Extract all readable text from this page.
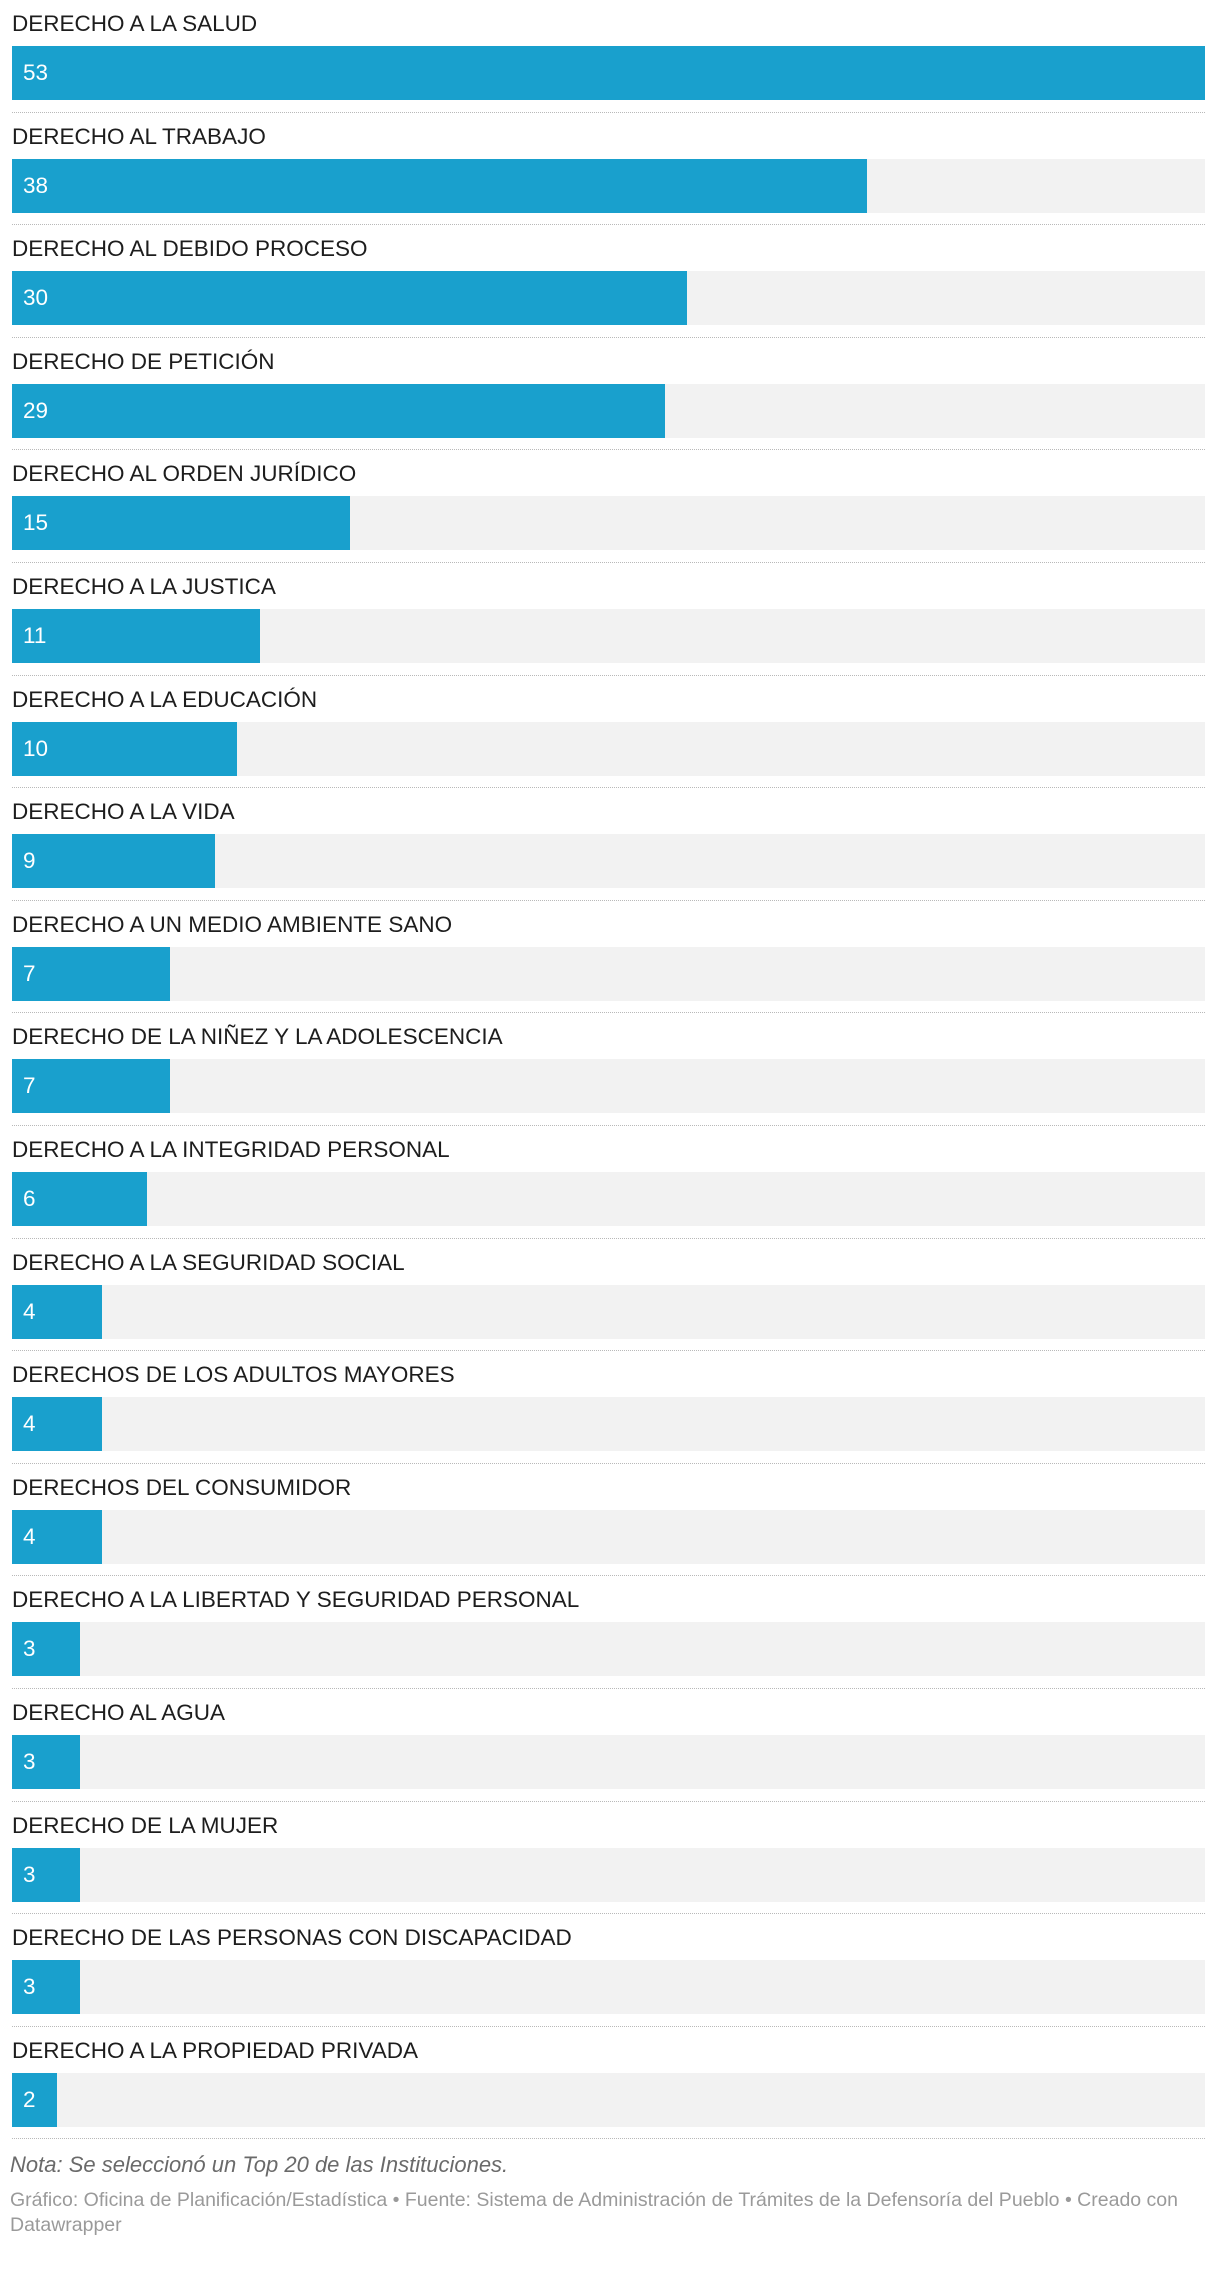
DERECHO A LA SALUD
53
DERECHO AL TRABAJO
38
DERECHO AL DEBIDO PROCESO
30
DERECHO DE PETICIÓN
29
DERECHO AL ORDEN JURÍDICO
15
DERECHO A LA JUSTICA
11
DERECHO A LA EDUCACIÓN
10
DERECHO A LA VIDA
9
DERECHO A UN MEDIO AMBIENTE SANO
7
DERECHO DE LA NIÑEZ Y LA ADOLESCENCIA
7
DERECHO A LA INTEGRIDAD PERSONAL
6
DERECHO A LA SEGURIDAD SOCIAL
4
DERECHOS DE LOS ADULTOS MAYORES
4
DERECHOS DEL CONSUMIDOR
4
DERECHO A LA LIBERTAD Y SEGURIDAD PERSONAL
3
DERECHO AL AGUA
3
DERECHO DE LA MUJER
3
DERECHO DE LAS PERSONAS CON DISCAPACIDAD
3
DERECHO A LA PROPIEDAD PRIVADA
2
Nota: Se seleccionó un Top 20 de las Instituciones.
Gráfico: Oficina de Planificación/Estadística • Fuente: Sistema de Administración de Trámites de la Defensoría del Pueblo • Creado con Datawrapper
